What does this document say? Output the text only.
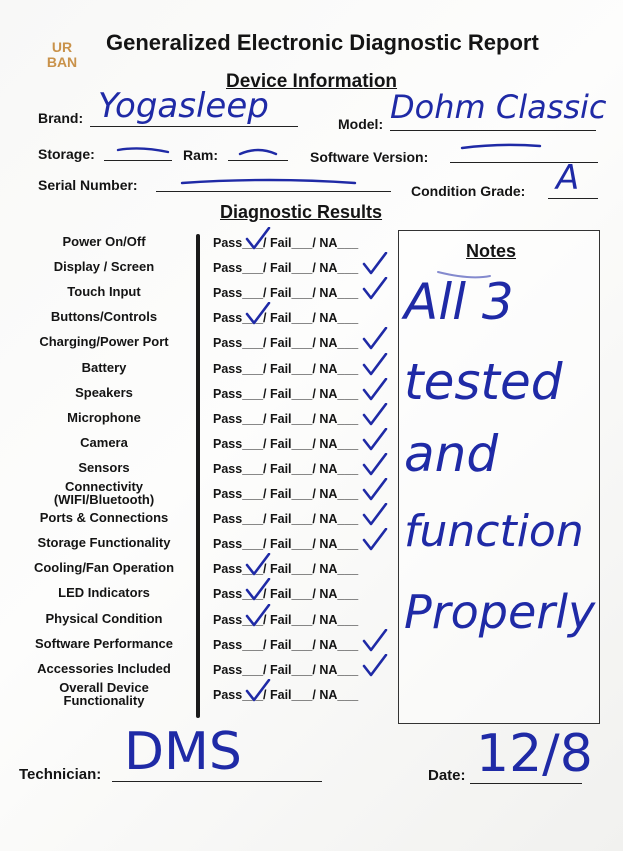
UR
BAN
Generalized Electronic Diagnostic Report
Device Information
Brand: Yogasleep	Model: Dohm Classic
Storage:	Ram:	Software Version:
Serial Number:	Condition Grade: A
Diagnostic Results
Notes
All 3
tested
and
function
Properly
Power On/Off	Pass___/ Fail___/ NA___
Display / Screen	Pass___/ Fail___/ NA___
Touch Input	Pass___/ Fail___/ NA___
Buttons/Controls	Pass___/ Fail___/ NA___
Charging/Power Port	Pass___/ Fail___/ NA___
Battery	Pass___/ Fail___/ NA___
Speakers	Pass___/ Fail___/ NA___
Microphone	Pass___/ Fail___/ NA___
Camera	Pass___/ Fail___/ NA___
Sensors	Pass___/ Fail___/ NA___
Connectivity (WIFI/Bluetooth)	Pass___/ Fail___/ NA___
Ports & Connections	Pass___/ Fail___/ NA___
Storage Functionality	Pass___/ Fail___/ NA___
Cooling/Fan Operation	Pass___/ Fail___/ NA___
LED Indicators	Pass___/ Fail___/ NA___
Physical Condition	Pass___/ Fail___/ NA___
Software Performance	Pass___/ Fail___/ NA___
Accessories Included	Pass___/ Fail___/ NA___
Overall Device Functionality	Pass___/ Fail___/ NA___
Technician: DMS	Date: 12/8
